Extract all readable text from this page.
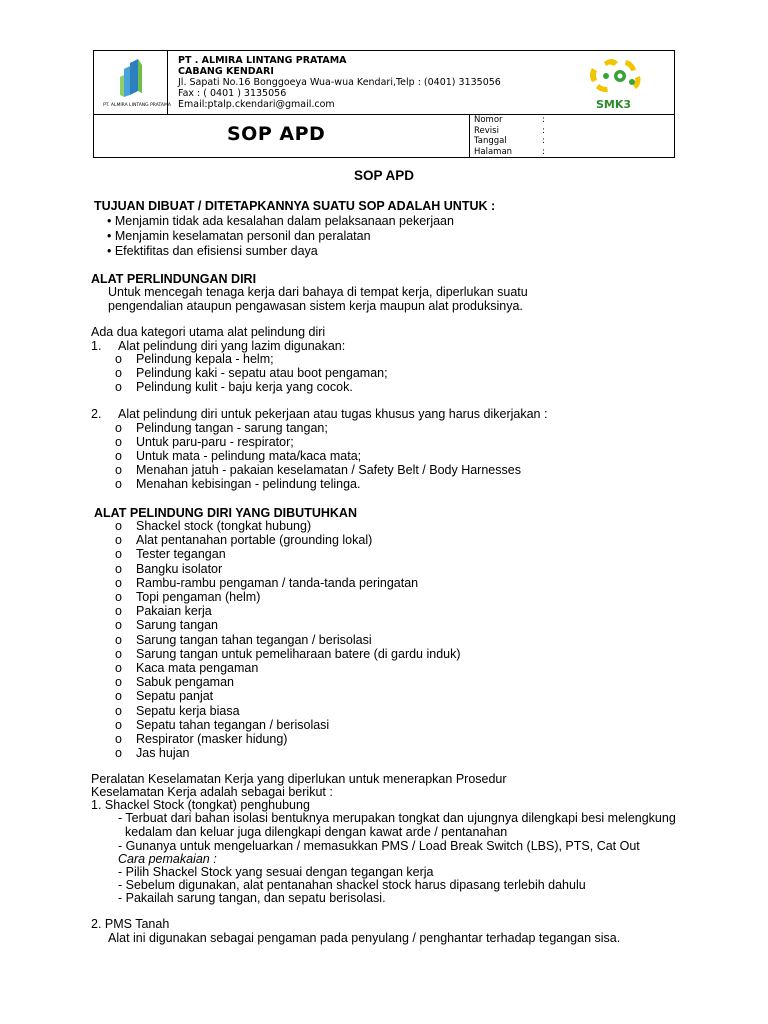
PT. ALMIRA LINTANG PRATAMA
PT . ALMIRA LINTANG PRATAMA
CABANG KENDARI
Jl. Sapati No.16 Bonggoeya Wua-wua Kendari,Telp : (0401) 3135056
Fax : ( 0401 ) 3135056
Email:ptalp.ckendari@gmail.com	SMK3
SOP APD
Nomor	:
Revisi	:
Tanggal	:
Halaman	:
SOP APD
TUJUAN DIBUAT / DITETAPKANNYA SUATU SOP ADALAH UNTUK :
• Menjamin tidak ada kesalahan dalam pelaksanaan pekerjaan
• Menjamin keselamatan personil dan peralatan
• Efektifitas dan efisiensi sumber daya
ALAT PERLINDUNGAN DIRI
Untuk mencegah tenaga kerja dari bahaya di tempat kerja, diperlukan suatu
pengendalian ataupun pengawasan sistem kerja maupun alat produksinya.
Ada dua kategori utama alat pelindung diri
1. Alat pelindung diri yang lazim digunakan:
o Pelindung kepala - helm;
o Pelindung kaki - sepatu atau boot pengaman;
o Pelindung kulit - baju kerja yang cocok.
2. Alat pelindung diri untuk pekerjaan atau tugas khusus yang harus dikerjakan :
o Pelindung tangan - sarung tangan;
o Untuk paru-paru - respirator;
o Untuk mata - pelindung mata/kaca mata;
o Menahan jatuh - pakaian keselamatan / Safety Belt / Body Harnesses
o Menahan kebisingan - pelindung telinga.
ALAT PELINDUNG DIRI YANG DIBUTUHKAN
o Shackel stock (tongkat hubung)
o Alat pentanahan portable (grounding lokal)
o Tester tegangan
o Bangku isolator
o Rambu-rambu pengaman / tanda-tanda peringatan
o Topi pengaman (helm)
o Pakaian kerja
o Sarung tangan
o Sarung tangan tahan tegangan / berisolasi
o Sarung tangan untuk pemeliharaan batere (di gardu induk)
o Kaca mata pengaman
o Sabuk pengaman
o Sepatu panjat
o Sepatu kerja biasa
o Sepatu tahan tegangan / berisolasi
o Respirator (masker hidung)
o Jas hujan
Peralatan Keselamatan Kerja yang diperlukan untuk menerapkan Prosedur
Keselamatan Kerja adalah sebagai berikut :
1. Shackel Stock (tongkat) penghubung
- Terbuat dari bahan isolasi bentuknya merupakan tongkat dan ujungnya dilengkapi besi melengkung
kedalam dan keluar juga dilengkapi dengan kawat arde / pentanahan
- Gunanya untuk mengeluarkan / memasukkan PMS / Load Break Switch (LBS), PTS, Cat Out
Cara pemakaian :
- Pilih Shackel Stock yang sesuai dengan tegangan kerja
- Sebelum digunakan, alat pentanahan shackel stock harus dipasang terlebih dahulu
- Pakailah sarung tangan, dan sepatu berisolasi.
2. PMS Tanah
Alat ini digunakan sebagai pengaman pada penyulang / penghantar terhadap tegangan sisa.
